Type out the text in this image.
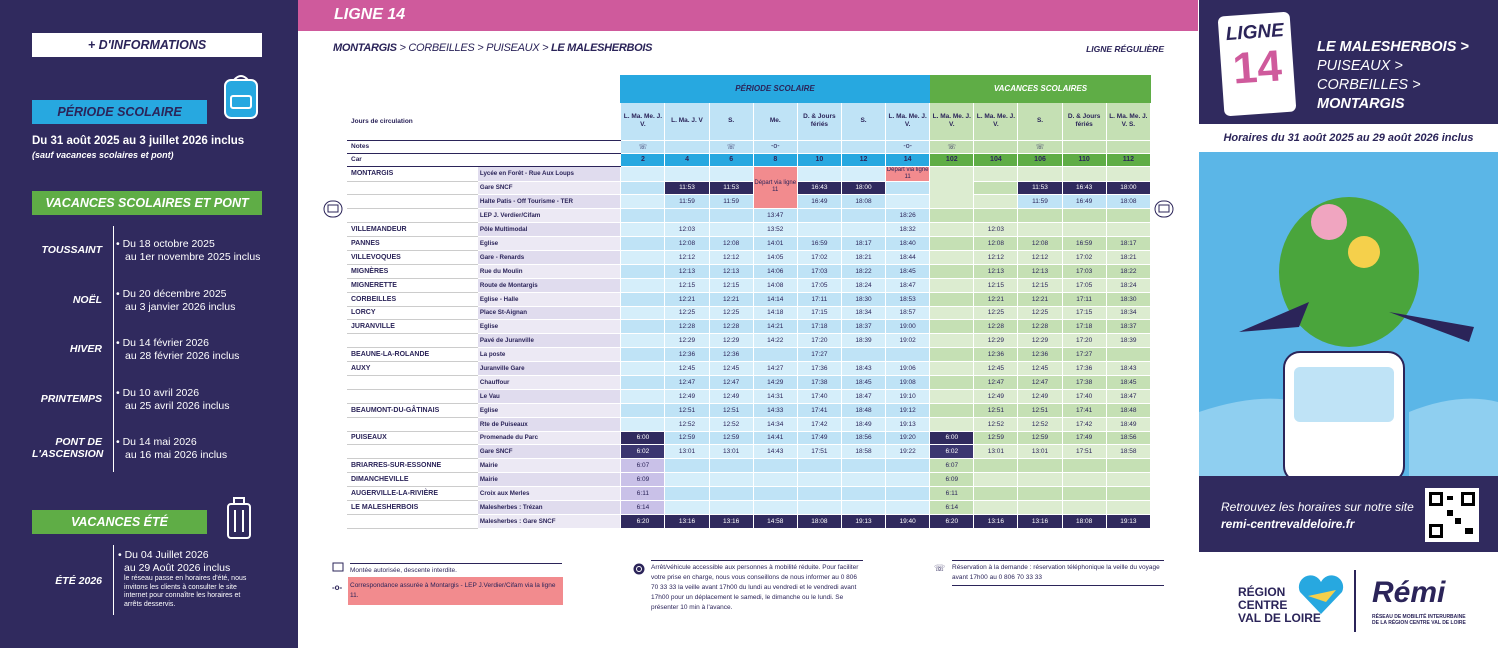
+ D'INFORMATIONS
PÉRIODE SCOLAIRE
Du 31 août 2025 au 3 juillet 2026 inclus
(sauf vacances scolaires et pont)
VACANCES SCOLAIRES ET PONT
TOUSSAINT • Du 18 octobre 2025
au 1er novembre 2025 inclus
NOËL • Du 20 décembre 2025
au 3 janvier 2026 inclus
HIVER • Du 14 février 2026
au 28 février 2026 inclus
PRINTEMPS • Du 10 avril 2026
au 25 avril 2026 inclus
PONT DE L'ASCENSION
• Du 14 mai 2026
au 16 mai 2026 inclus
VACANCES ÉTÉ
ÉTÉ 2026
• Du 04 Juillet 2026
au 29 Août 2026 inclus
le réseau passe en horaires d'été, nous invitons les clients à consulter le site internet pour connaître les horaires et arrêts desservis.
LIGNE 14
MONTARGIS > CORBEILLES > PUISEAUX > LE MALESHERBOIS	LIGNE RÉGULIÈRE
PÉRIODE SCOLAIRE	VACANCES SCOLAIRES

Jours de circulation		L. Ma. Me. J. V.	L. Ma. J. V	S.	Me.	D. & Jours fériés	S.	L. Ma. Me. J. V.	L. Ma. Me. J. V.	L. Ma. Me. J. V.	S.	D. & Jours fériés	L. Ma. Me. J. V. S.
Notes		☏		☏	-o-			-o-	☏		☏		
Car		2	4	6	8	10	12	14	102	104	106	110	112
MONTARGIS	Lycée en Forêt - Rue Aux Loups				Départ via ligne 11			Départ via ligne 11					
	Gare SNCF		11:53	11:53		16:43	18:00				11:53	16:43	18:00
	Halte Patis - Off Tourisme - TER		11:59	11:59		16:49	18:08				11:59	16:49	18:08
	LEP J. Verdier/Cifam				13:47			18:26					
VILLEMANDEUR	Pôle Multimodal		12:03		13:52			18:32		12:03			
PANNES	Eglise		12:08	12:08	14:01	16:59	18:17	18:40		12:08	12:08	16:59	18:17
VILLEVOQUES	Gare - Renards		12:12	12:12	14:05	17:02	18:21	18:44		12:12	12:12	17:02	18:21
MIGNÈRES	Rue du Moulin		12:13	12:13	14:06	17:03	18:22	18:45		12:13	12:13	17:03	18:22
MIGNERETTE	Route de Montargis		12:15	12:15	14:08	17:05	18:24	18:47		12:15	12:15	17:05	18:24
CORBEILLES	Eglise - Halle		12:21	12:21	14:14	17:11	18:30	18:53		12:21	12:21	17:11	18:30
LORCY	Place St-Aignan		12:25	12:25	14:18	17:15	18:34	18:57		12:25	12:25	17:15	18:34
JURANVILLE	Eglise		12:28	12:28	14:21	17:18	18:37	19:00		12:28	12:28	17:18	18:37
	Pavé de Juranville		12:29	12:29	14:22	17:20	18:39	19:02		12:29	12:29	17:20	18:39
BEAUNE-LA-ROLANDE	La poste		12:36	12:36		17:27				12:36	12:36	17:27	
AUXY	Juranville Gare		12:45	12:45	14:27	17:36	18:43	19:06		12:45	12:45	17:36	18:43
	Chauffour		12:47	12:47	14:29	17:38	18:45	19:08		12:47	12:47	17:38	18:45
	Le Vau		12:49	12:49	14:31	17:40	18:47	19:10		12:49	12:49	17:40	18:47
BEAUMONT-DU-GÂTINAIS	Eglise		12:51	12:51	14:33	17:41	18:48	19:12		12:51	12:51	17:41	18:48
	Rte de Puiseaux		12:52	12:52	14:34	17:42	18:49	19:13		12:52	12:52	17:42	18:49
PUISEAUX	Promenade du Parc	6:00	12:59	12:59	14:41	17:49	18:56	19:20	6:00	12:59	12:59	17:49	18:56
	Gare SNCF	6:02	13:01	13:01	14:43	17:51	18:58	19:22	6:02	13:01	13:01	17:51	18:58
BRIARRES-SUR-ESSONNE	Mairie	6:07							6:07				
DIMANCHEVILLE	Mairie	6:09							6:09				
AUGERVILLE-LA-RIVIÈRE	Croix aux Merles	6:11							6:11				
LE MALESHERBOIS	Malesherbes : Trézan	6:14							6:14				
	Malesherbes : Gare SNCF	6:20	13:16	13:16	14:58	18:08	19:13	19:40	6:20	13:16	13:16	18:08	19:13
Montée autorisée, descente interdite.
-o-	Correspondance assurée à Montargis - LEP J.Verdier/Cifam via la ligne 11.
Arrêt/véhicule accessible aux personnes à mobilité réduite. Pour faciliter votre prise en charge, nous vous conseillons de nous informer au 0 806 70 33 33 la veille avant 17h00 du lundi au vendredi et le vendredi avant 17h00 pour un déplacement le samedi, le dimanche ou le lundi. Se présenter 10 min à l'avance.
☏ Réservation à la demande : réservation téléphonique la veille du voyage avant 17h00 au 0 806 70 33 33
LIGNE
14	LE MALESHERBOIS >
PUISEAUX >
CORBEILLES >
MONTARGIS
Horaires du 31 août 2025 au 29 août 2026 inclus
Retrouvez les horaires sur notre site
remi-centrevaldeloire.fr
RÉGION
CENTRE
VAL DE LOIRE
Rémi
RÉSEAU DE MOBILITÉ INTERURBAINE DE LA RÉGION CENTRE VAL DE LOIRE
